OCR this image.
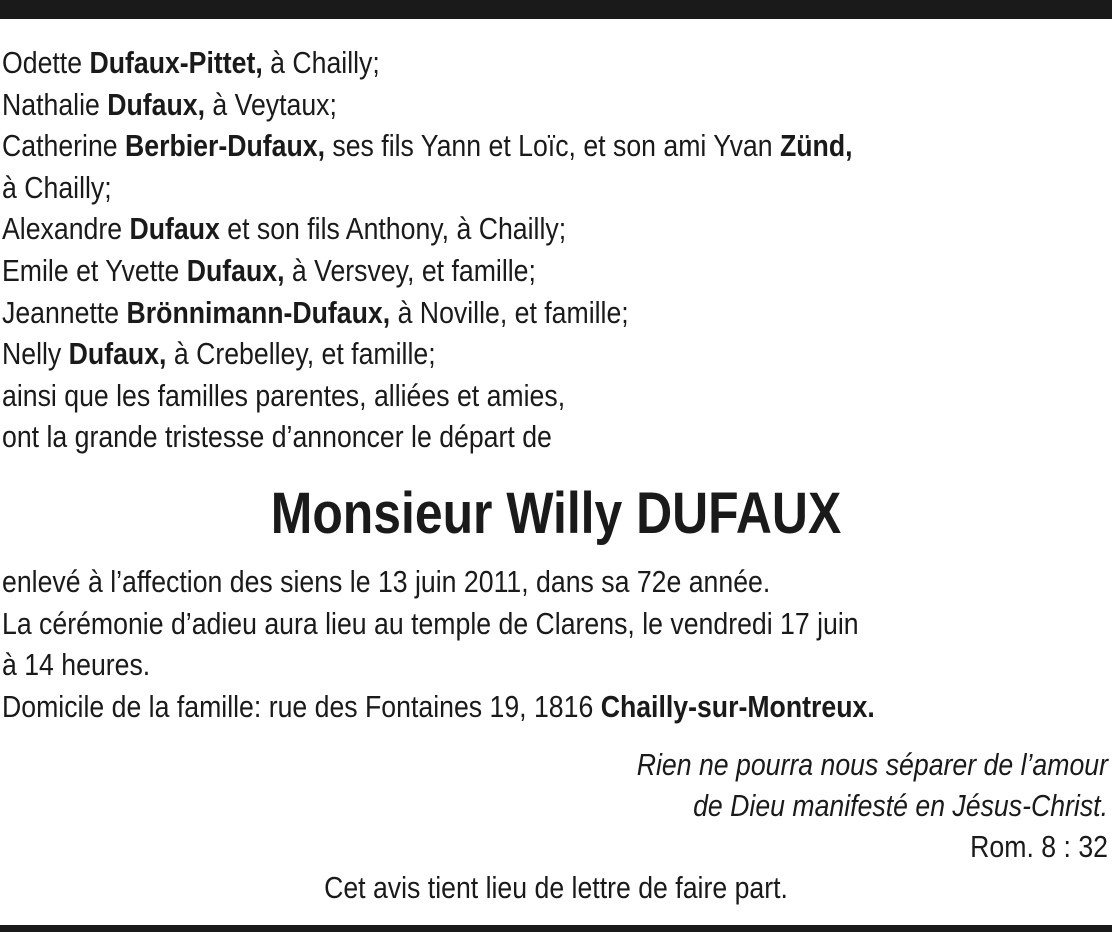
Odette Dufaux-Pittet, à Chailly;
Nathalie Dufaux, à Veytaux;
Catherine Berbier-Dufaux, ses fils Yann et Loïc, et son ami Yvan Zünd,
à Chailly;
Alexandre Dufaux et son fils Anthony, à Chailly;
Emile et Yvette Dufaux, à Versvey, et famille;
Jeannette Brönnimann-Dufaux, à Noville, et famille;
Nelly Dufaux, à Crebelley, et famille;
ainsi que les familles parentes, alliées et amies,
ont la grande tristesse d’annoncer le départ de
Monsieur Willy DUFAUX
enlevé à l’affection des siens le 13 juin 2011, dans sa 72e année.
La cérémonie d’adieu aura lieu au temple de Clarens, le vendredi 17 juin
à 14 heures.
Domicile de la famille: rue des Fontaines 19, 1816 Chailly-sur-Montreux.
Rien ne pourra nous séparer de l’amour
de Dieu manifesté en Jésus-Christ.
Rom. 8 : 32
Cet avis tient lieu de lettre de faire part.
